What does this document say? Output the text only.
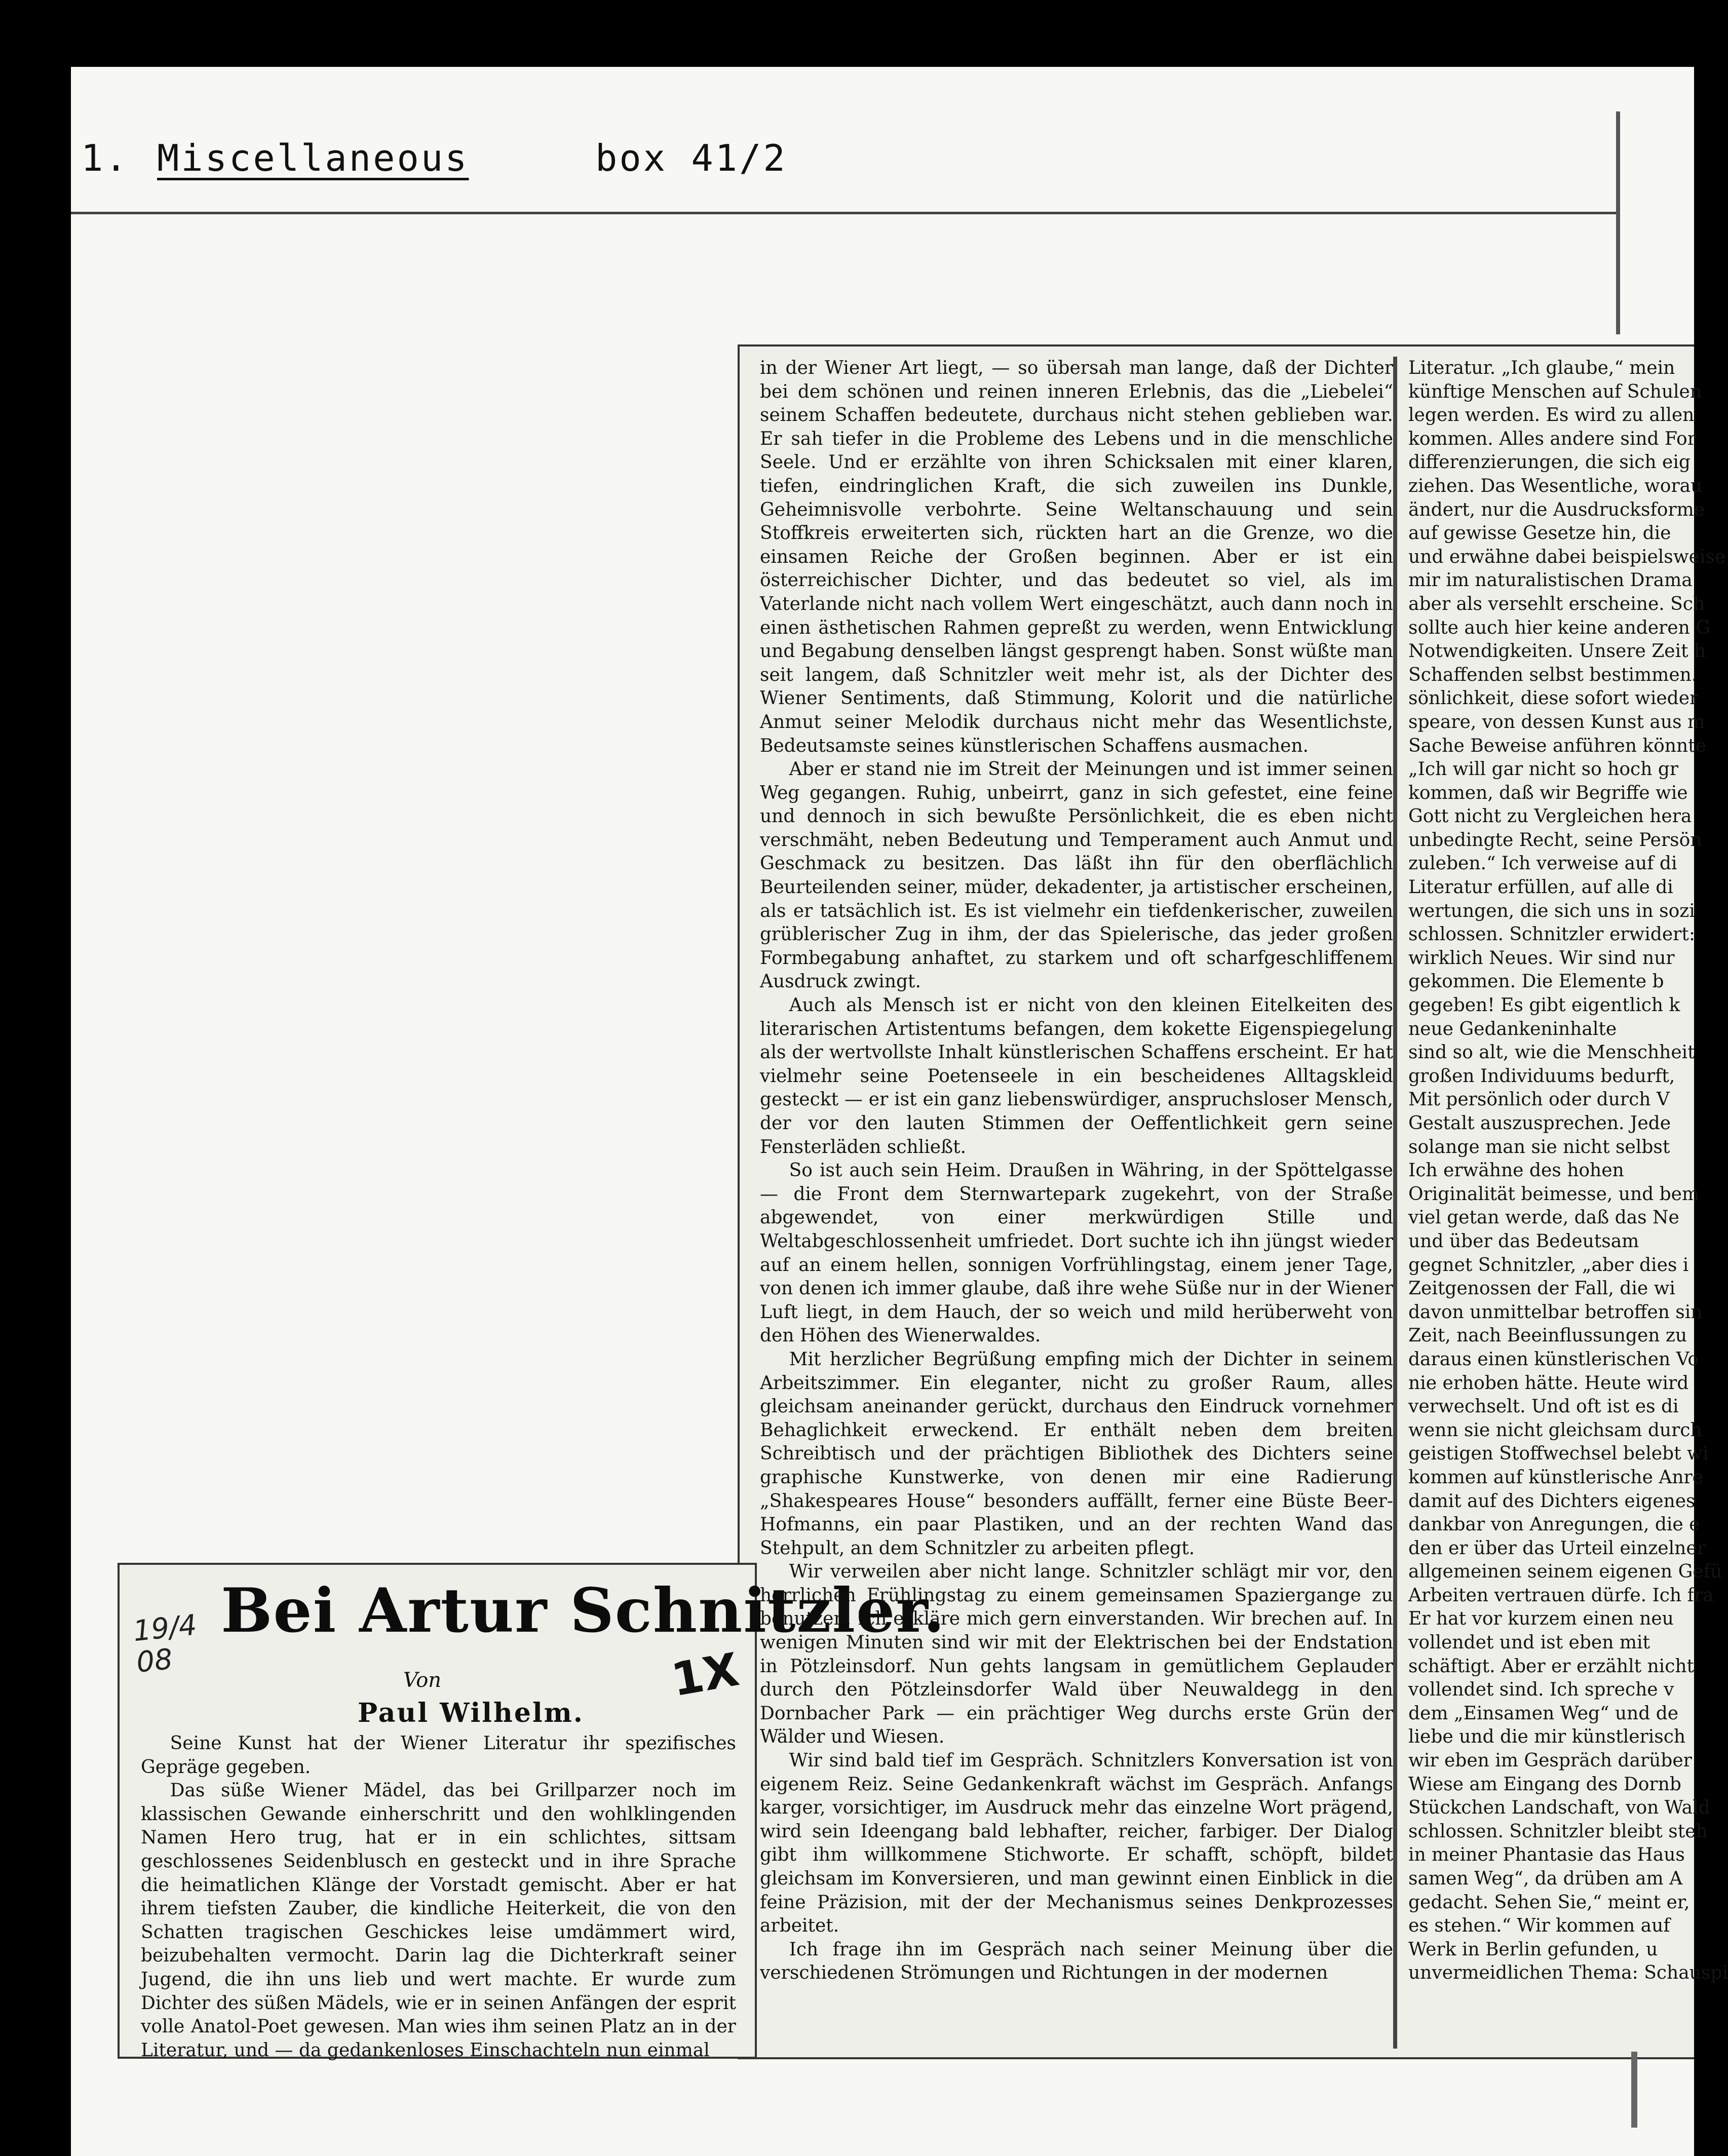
1. Miscellaneous	box 41/2

in der Wiener Art liegt, — so übersah man lange, daß der Dichter bei dem schönen und reinen inneren Erlebnis, das die „Liebelei“ seinem Schaffen bedeutete, durchaus nicht stehen geblieben war. Er sah tiefer in die Probleme des Lebens und in die menschliche Seele. Und er erzählte von ihren Schicksalen mit einer klaren, tiefen, eindringlichen Kraft, die sich zuweilen ins Dunkle, Geheimnisvolle verbohrte. Seine Weltanschauung und sein Stoffkreis erweiterten sich, rückten hart an die Grenze, wo die einsamen Reiche der Großen beginnen. Aber er ist ein österreichischer Dichter, und das bedeutet so viel, als im Vaterlande nicht nach vollem Wert eingeschätzt, auch dann noch in einen ästhetischen Rahmen gepreßt zu werden, wenn Entwicklung und Begabung denselben längst gesprengt haben. Sonst wüßte man seit langem, daß Schnitzler weit mehr ist, als der Dichter des Wiener Sentiments, daß Stimmung, Kolorit und die natürliche Anmut seiner Melodik durchaus nicht mehr das Wesentlichste, Bedeutsamste seines künstlerischen Schaffens ausmachen.

Aber er stand nie im Streit der Meinungen und ist immer seinen Weg gegangen. Ruhig, unbeirrt, ganz in sich gefestet, eine feine und dennoch in sich bewußte Persönlichkeit, die es eben nicht verschmäht, neben Bedeutung und Temperament auch Anmut und Geschmack zu besitzen. Das läßt ihn für den oberflächlich Beurteilenden seiner, müder, dekadenter, ja artistischer erscheinen, als er tatsächlich ist. Es ist vielmehr ein tiefdenkerischer, zuweilen grüblerischer Zug in ihm, der das Spielerische, das jeder großen Formbegabung anhaftet, zu starkem und oft scharfgeschliffenem Ausdruck zwingt.

Auch als Mensch ist er nicht von den kleinen Eitelkeiten des literarischen Artistentums befangen, dem kokette Eigenspiegelung als der wertvollste Inhalt künstlerischen Schaffens erscheint. Er hat vielmehr seine Poetenseele in ein bescheidenes Alltagskleid gesteckt — er ist ein ganz liebenswürdiger, anspruchsloser Mensch, der vor den lauten Stimmen der Oeffentlichkeit gern seine Fensterläden schließt.

So ist auch sein Heim. Draußen in Währing, in der Spöttelgasse — die Front dem Sternwartepark zugekehrt, von der Straße abgewendet, von einer merkwürdigen Stille und Weltabgeschlossenheit umfriedet. Dort suchte ich ihn jüngst wieder auf an einem hellen, sonnigen Vorfrühlingstag, einem jener Tage, von denen ich immer glaube, daß ihre wehe Süße nur in der Wiener Luft liegt, in dem Hauch, der so weich und mild herüberweht von den Höhen des Wienerwaldes.

Mit herzlicher Begrüßung empfing mich der Dichter in seinem Arbeitszimmer. Ein eleganter, nicht zu großer Raum, alles gleichsam aneinander gerückt, durchaus den Eindruck vornehmer Behaglichkeit erweckend. Er enthält neben dem breiten Schreibtisch und der prächtigen Bibliothek des Dichters seine graphische Kunstwerke, von denen mir eine Radierung „Shakespeares House“ besonders auffällt, ferner eine Büste Beer-Hofmanns, ein paar Plastiken, und an der rechten Wand das Stehpult, an dem Schnitzler zu arbeiten pflegt.

Wir verweilen aber nicht lange. Schnitzler schlägt mir vor, den herrlichen Frühlingstag zu einem gemeinsamen Spaziergange zu benutzen. Ich erkläre mich gern einverstanden. Wir brechen auf. In wenigen Minuten sind wir mit der Elektrischen bei der Endstation in Pötzleinsdorf. Nun gehts langsam in gemütlichem Geplauder durch den Pötzleinsdorfer Wald über Neuwaldegg in den Dornbacher Park — ein prächtiger Weg durchs erste Grün der Wälder und Wiesen.

Wir sind bald tief im Gespräch. Schnitzlers Konversation ist von eigenem Reiz. Seine Gedankenkraft wächst im Gespräch. Anfangs karger, vorsichtiger, im Ausdruck mehr das einzelne Wort prägend, wird sein Ideengang bald lebhafter, reicher, farbiger. Der Dialog gibt ihm willkommene Stichworte. Er schafft, schöpft, bildet gleichsam im Konversieren, und man gewinnt einen Einblick in die feine Präzision, mit der der Mechanismus seines Denkprozesses arbeitet.

Ich frage ihn im Gespräch nach seiner Meinung über die verschiedenen Strömungen und Richtungen in der modernen

Literatur. „Ich glaube,“ mein
künftige Menschen auf Schulen
legen werden. Es wird zu allen
kommen. Alles andere sind For
differenzierungen, die sich eig
ziehen. Das Wesentliche, worau
ändert, nur die Ausdrucksforme
auf gewisse Gesetze hin, die
und erwähne dabei beispielsweise
mir im naturalistischen Drama
aber als versehlt erscheine. Sch
sollte auch hier keine anderen G
Notwendigkeiten. Unsere Zeit h
Schaffenden selbst bestimmen.
sönlichkeit, diese sofort wieder
speare, von dessen Kunst aus m
Sache Beweise anführen könnte
„Ich will gar nicht so hoch gr
kommen, daß wir Begriffe wie
Gott nicht zu Vergleichen hera
unbedingte Recht, seine Persön
zuleben.“ Ich verweise auf di
Literatur erfüllen, auf alle di
wertungen, die sich uns in sozi
schlossen. Schnitzler erwidert:
wirklich Neues. Wir sind nur
gekommen. Die Elemente b
gegeben! Es gibt eigentlich k
neue Gedankeninhalte
sind so alt, wie die Menschheit
großen Individuums bedurft,
Mit persönlich oder durch V
Gestalt auszusprechen. Jede
solange man sie nicht selbst
Ich erwähne des hohen
Originalität beimesse, und bem
viel getan werde, daß das Ne
und über das Bedeutsam
gegnet Schnitzler, „aber dies i
Zeitgenossen der Fall, die wi
davon unmittelbar betroffen sin
Zeit, nach Beeinflussungen zu
daraus einen künstlerischen Vo
nie erhoben hätte. Heute wird
verwechselt. Und oft ist es di
wenn sie nicht gleichsam durch
geistigen Stoffwechsel belebt wi
kommen auf künstlerische Anre
damit auf des Dichters eigenes
dankbar von Anregungen, die e
den er über das Urteil einzelner
allgemeinen seinem eigenen Gefü
Arbeiten vertrauen dürfe. Ich fra
Er hat vor kurzem einen neu
vollendet und ist eben mit
schäftigt. Aber er erzählt nicht
vollendet sind. Ich spreche v
dem „Einsamen Weg“ und de
liebe und die mir künstlerisch
wir eben im Gespräch darüber
Wiese am Eingang des Dornb
Stückchen Landschaft, von Wald
schlossen. Schnitzler bleibt steh
in meiner Phantasie das Haus
samen Weg“, da drüben am A
gedacht. Sehen Sie,“ meint er,
es stehen.“ Wir kommen auf
Werk in Berlin gefunden, u
unvermeidlichen Thema: Schauspi
19/4 08
Bei Artur Schnitzler.
Von
Paul Wilhelm.
1X

Seine Kunst hat der Wiener Literatur ihr spezifisches Gepräge gegeben.

Das süße Wiener Mädel, das bei Grillparzer noch im klassischen Gewande einherschritt und den wohlklingenden Namen Hero trug, hat er in ein schlichtes, sittsam geschlossenes Seidenblusch en gesteckt und in ihre Sprache die heimatlichen Klänge der Vorstadt gemischt. Aber er hat ihrem tiefsten Zauber, die kindliche Heiterkeit, die von den Schatten tragischen Geschickes leise umdämmert wird, beizubehalten vermocht. Darin lag die Dichterkraft seiner Jugend, die ihn uns lieb und wert machte. Er wurde zum Dichter des süßen Mädels, wie er in seinen Anfängen der esprit volle Anatol-Poet gewesen. Man wies ihm seinen Platz an in der Literatur, und — da gedankenloses Einschachteln nun einmal
